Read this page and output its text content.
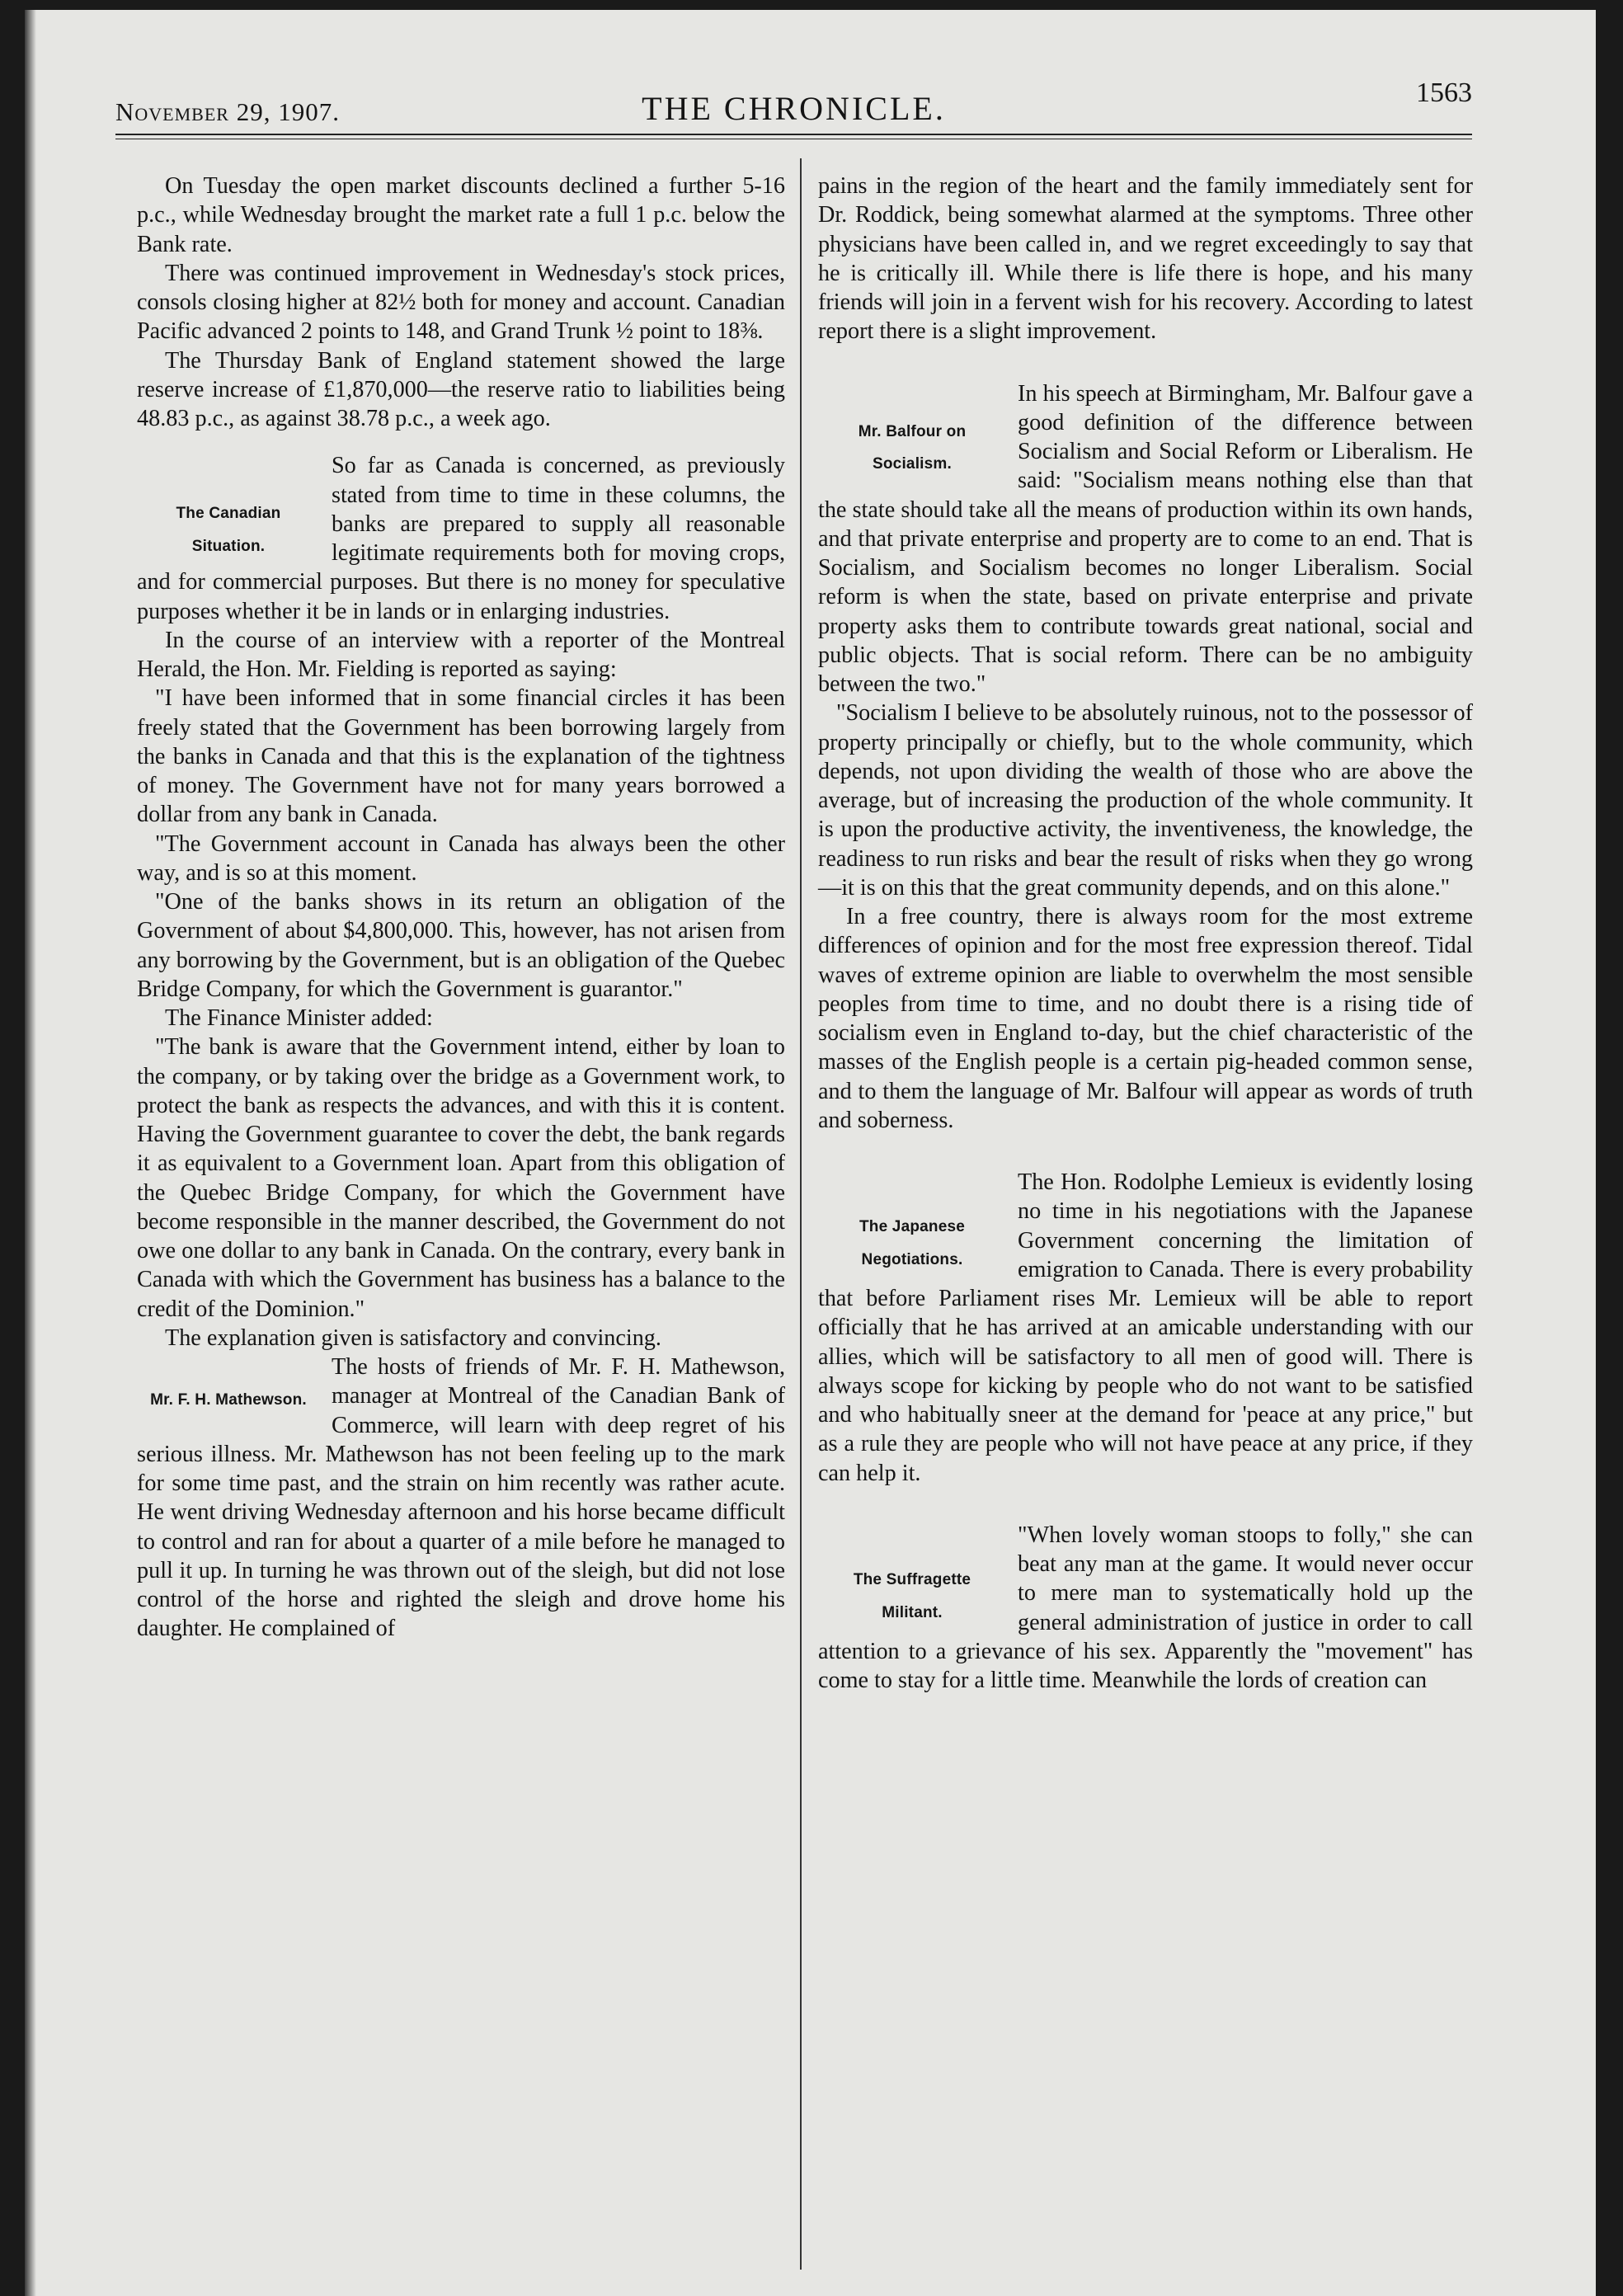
November 29, 1907.	THE CHRONICLE.	1563

On Tuesday the open market discounts declined a further 5-16 p.c., while Wednesday brought the market rate a full 1 p.c. below the Bank rate.

There was continued improvement in Wednesday's stock prices, consols closing higher at 82½ both for money and account. Canadian Pacific advanced 2 points to 148, and Grand Trunk ½ point to 18⅜.

The Thursday Bank of England statement showed the large reserve increase of £1,870,000—the reserve ratio to liabilities being 48.83 p.c., as against 38.78 p.c., a week ago.

The Canadian
Situation.

So far as Canada is concerned, as previously stated from time to time in these columns, the banks are prepared to supply all reasonable legitimate requirements both for moving crops, and for commercial purposes. But there is no money for speculative purposes whether it be in lands or in enlarging industries.

In the course of an interview with a reporter of the Montreal Herald, the Hon. Mr. Fielding is reported as saying:

"I have been informed that in some financial circles it has been freely stated that the Government has been borrowing largely from the banks in Canada and that this is the explanation of the tightness of money. The Government have not for many years borrowed a dollar from any bank in Canada.

"The Government account in Canada has always been the other way, and is so at this moment.

"One of the banks shows in its return an obligation of the Government of about $4,800,000. This, however, has not arisen from any borrowing by the Government, but is an obligation of the Quebec Bridge Company, for which the Government is guarantor."

The Finance Minister added:

"The bank is aware that the Government intend, either by loan to the company, or by taking over the bridge as a Government work, to protect the bank as respects the advances, and with this it is content. Having the Government guarantee to cover the debt, the bank regards it as equivalent to a Government loan. Apart from this obligation of the Quebec Bridge Company, for which the Government have become responsible in the manner described, the Government do not owe one dollar to any bank in Canada. On the contrary, every bank in Canada with which the Government has business has a balance to the credit of the Dominion."

The explanation given is satisfactory and convincing.

Mr. F. H. Mathewson.

The hosts of friends of Mr. F. H. Mathewson, manager at Montreal of the Canadian Bank of Commerce, will learn with deep regret of his serious illness. Mr. Mathewson has not been feeling up to the mark for some time past, and the strain on him recently was rather acute. He went driving Wednesday afternoon and his horse became difficult to control and ran for about a quarter of a mile before he managed to pull it up. In turning he was thrown out of the sleigh, but did not lose control of the horse and righted the sleigh and drove home his daughter. He complained of

pains in the region of the heart and the family immediately sent for Dr. Roddick, being somewhat alarmed at the symptoms. Three other physicians have been called in, and we regret exceedingly to say that he is critically ill. While there is life there is hope, and his many friends will join in a fervent wish for his recovery. According to latest report there is a slight improvement.

Mr. Balfour on
Socialism.

In his speech at Birmingham, Mr. Balfour gave a good definition of the difference between Socialism and Social Reform or Liberalism. He said: "Socialism means nothing else than that the state should take all the means of production within its own hands, and that private enterprise and property are to come to an end. That is Socialism, and Socialism becomes no longer Liberalism. Social reform is when the state, based on private enterprise and private property asks them to contribute towards great national, social and public objects. That is social reform. There can be no ambiguity between the two."

"Socialism I believe to be absolutely ruinous, not to the possessor of property principally or chiefly, but to the whole community, which depends, not upon dividing the wealth of those who are above the average, but of increasing the production of the whole community. It is upon the productive activity, the inventiveness, the knowledge, the readiness to run risks and bear the result of risks when they go wrong—it is on this that the great community depends, and on this alone."

In a free country, there is always room for the most extreme differences of opinion and for the most free expression thereof. Tidal waves of extreme opinion are liable to overwhelm the most sensible peoples from time to time, and no doubt there is a rising tide of socialism even in England to-day, but the chief characteristic of the masses of the English people is a certain pig-headed common sense, and to them the language of Mr. Balfour will appear as words of truth and soberness.

The Japanese
Negotiations.

The Hon. Rodolphe Lemieux is evidently losing no time in his negotiations with the Japanese Government concerning the limitation of emigration to Canada. There is every probability that before Parliament rises Mr. Lemieux will be able to report officially that he has arrived at an amicable understanding with our allies, which will be satisfactory to all men of good will. There is always scope for kicking by people who do not want to be satisfied and who habitually sneer at the demand for 'peace at any price," but as a rule they are people who will not have peace at any price, if they can help it.

The Suffragette
Militant.

"When lovely woman stoops to folly," she can beat any man at the game. It would never occur to mere man to systematically hold up the general administration of justice in order to call attention to a grievance of his sex. Apparently the "movement" has come to stay for a little time. Meanwhile the lords of creation can
